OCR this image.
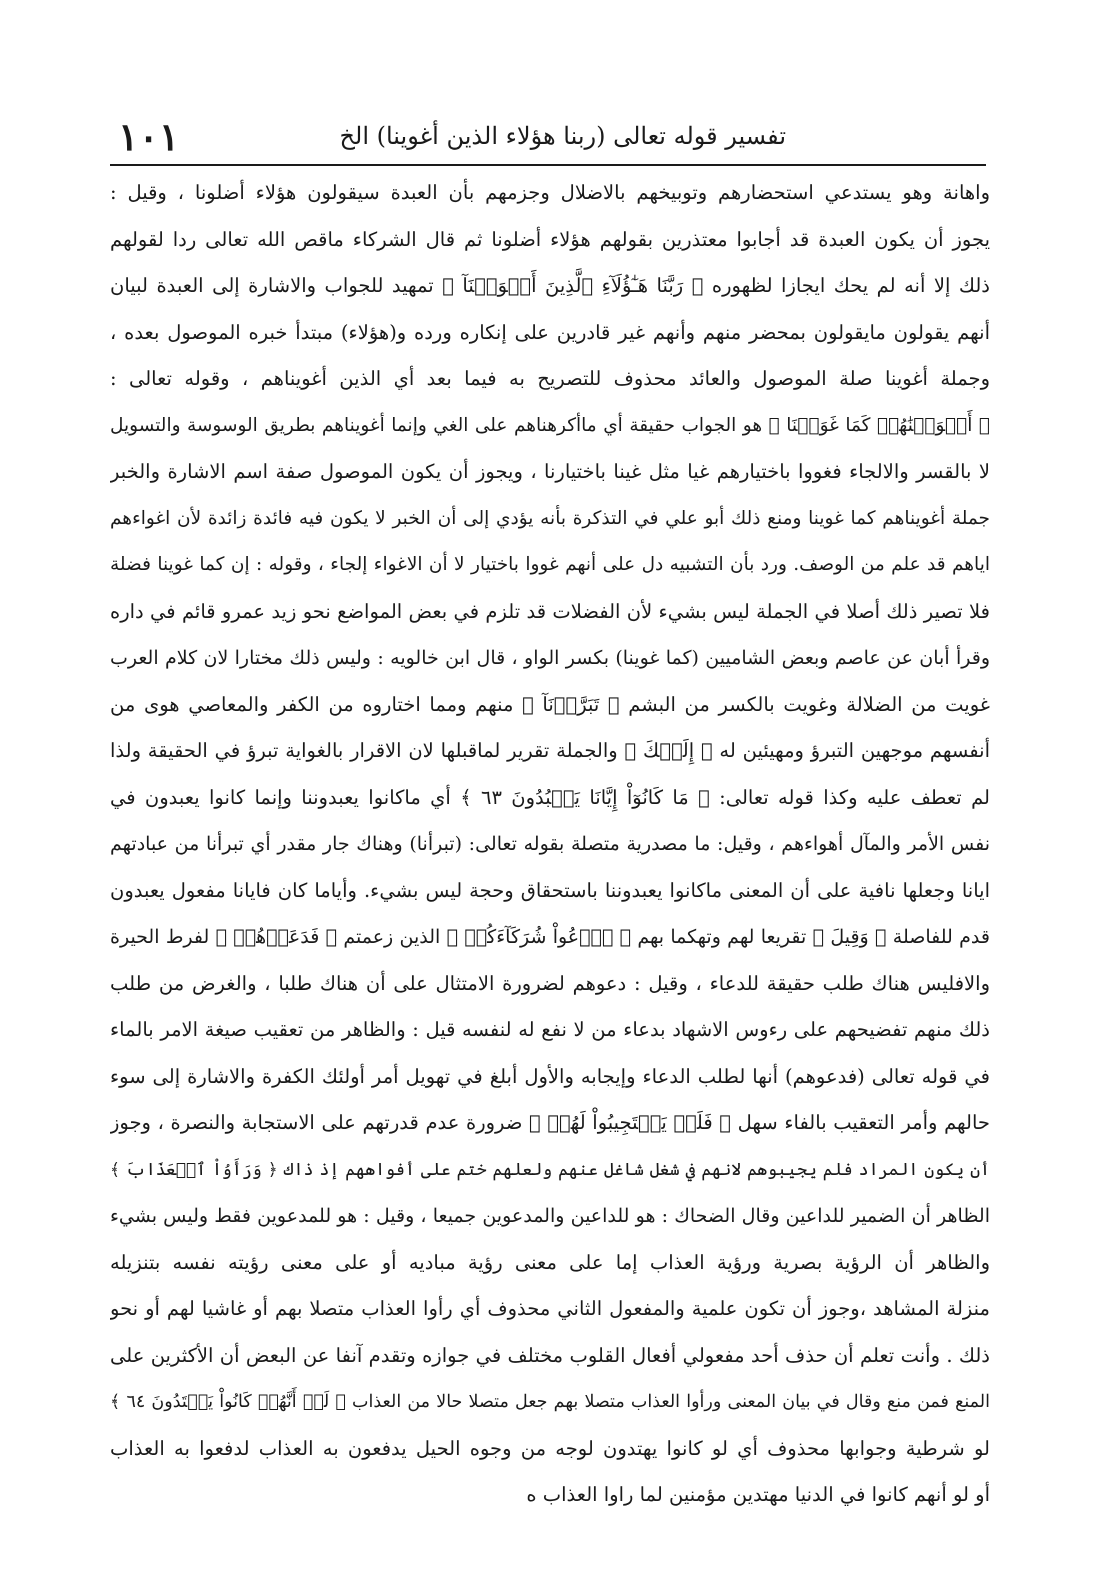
١٠١	تفسير قوله تعالى (ربنا هؤلاء الذين أغوينا) الخ
واهانة وهو يستدعي استحضارهم وتوبيخهم بالاضلال وجزمهم بأن العبدة سيقولون هؤلاء أضلونا ، وقيل :
يجوز أن يكون العبدة قد أجابوا معتذرين بقولهم هؤلاء أضلونا ثم قال الشركاء ماقص الله تعالى ردا لقولهم
ذلك إلا أنه لم يحك ايجازا لظهوره ﴿ رَبَّنَا هَـٰٓؤُلَآءِ ٱلَّذِينَ أَغۡوَيۡنَآ ﴾ تمهيد للجواب والاشارة إلى العبدة لبيان
أنهم يقولون مايقولون بمحضر منهم وأنهم غير قادرين على إنكاره ورده و(هؤلاء) مبتدأ خبره الموصول بعده ،
وجملة أغوينا صلة الموصول والعائد محذوف للتصريح به فيما بعد أي الذين أغويناهم ، وقوله تعالى :
﴿ أَغۡوَيۡنَٰهُمۡ كَمَا غَوَيۡنَا ﴾ هو الجواب حقيقة أي ماأكرهناهم على الغي وإنما أغويناهم بطريق الوسوسة والتسويل
لا بالقسر والالجاء فغووا باختيارهم غيا مثل غينا باختيارنا ، ويجوز أن يكون الموصول صفة اسم الاشارة والخبر
جملة أغويناهم كما غوينا ومنع ذلك أبو علي في التذكرة بأنه يؤدي إلى أن الخبر لا يكون فيه فائدة زائدة لأن اغواءهم
اياهم قد علم من الوصف. ورد بأن التشبيه دل على أنهم غووا باختيار لا أن الاغواء إلجاء ، وقوله : إن كما غوينا فضلة
فلا تصير ذلك أصلا في الجملة ليس بشيء لأن الفضلات قد تلزم في بعض المواضع نحو زيد عمرو قائم في داره
وقرأ أبان عن عاصم وبعض الشاميين (كما غوينا) بكسر الواو ، قال ابن خالويه : وليس ذلك مختارا لان كلام العرب
غويت من الضلالة وغويت بالكسر من البشم ﴿ تَبَرَّأۡنَآ ﴾ منهم ومما اختاروه من الكفر والمعاصي هوى من
أنفسهم موجهين التبرؤ ومهيئين له ﴿ إِلَيۡكَ ﴾ والجملة تقرير لماقبلها لان الاقرار بالغواية تبرؤ في الحقيقة ولذا
لم تعطف عليه وكذا قوله تعالى: ﴿ مَا كَانُوٓاْ إِيَّانَا يَعۡبُدُونَ ٦٣ ﴾ أي ماكانوا يعبدوننا وإنما كانوا يعبدون في
نفس الأمر والمآل أهواءهم ، وقيل: ما مصدرية متصلة بقوله تعالى: (تبرأنا) وهناك جار مقدر أي تبرأنا من عبادتهم
ايانا وجعلها نافية على أن المعنى ماكانوا يعبدوننا باستحقاق وحجة ليس بشيء. وأياما كان فايانا مفعول يعبدون
قدم للفاصلة ﴿ وَقِيلَ ﴾ تقريعا لهم وتهكما بهم ﴿ ٱدۡعُواْ شُرَكَآءَكُمۡ ﴾ الذين زعمتم ﴿ فَدَعَوۡهُمۡ ﴾ لفرط الحيرة
والافليس هناك طلب حقيقة للدعاء ، وقيل : دعوهم لضرورة الامتثال على أن هناك طلبا ، والغرض من طلب
ذلك منهم تفضيحهم على رءوس الاشهاد بدعاء من لا نفع له لنفسه قيل : والظاهر من تعقيب صيغة الامر بالماء
في قوله تعالى (فدعوهم) أنها لطلب الدعاء وإيجابه والأول أبلغ في تهويل أمر أولئك الكفرة والاشارة إلى سوء
حالهم وأمر التعقيب بالفاء سهل ﴿ فَلَمۡ يَسۡتَجِيبُواْ لَهُمۡ ﴾ ضرورة عدم قدرتهم على الاستجابة والنصرة ، وجوز
أن يكون المراد فلم يجيبوهم لانهم في شغل شاغل عنهم ولعلهم ختم على أفواههم إذ ذاك ﴿ وَرَأَوُاْ ٱلۡعَذَابَ ﴾
الظاهر أن الضمير للداعين وقال الضحاك : هو للداعين والمدعوين جميعا ، وقيل : هو للمدعوين فقط وليس بشيء
والظاهر أن الرؤية بصرية ورؤية العذاب إما على معنى رؤية مباديه أو على معنى رؤيته نفسه بتنزيله
منزلة المشاهد ،وجوز أن تكون علمية والمفعول الثاني محذوف أي رأوا العذاب متصلا بهم أو غاشيا لهم أو نحو
ذلك . وأنت تعلم أن حذف أحد مفعولي أفعال القلوب مختلف في جوازه وتقدم آنفا عن البعض أن الأكثرين على
المنع فمن منع وقال في بيان المعنى ورأوا العذاب متصلا بهم جعل متصلا حالا من العذاب ﴿ لَوۡ أَنَّهُمۡ كَانُواْ يَهۡتَدُونَ ٦٤ ﴾
لو شرطية وجوابها محذوف أي لو كانوا يهتدون لوجه من وجوه الحيل يدفعون به العذاب لدفعوا به العذاب
أو لو أنهم كانوا في الدنيا مهتدين مؤمنين لما راوا العذاب ه
